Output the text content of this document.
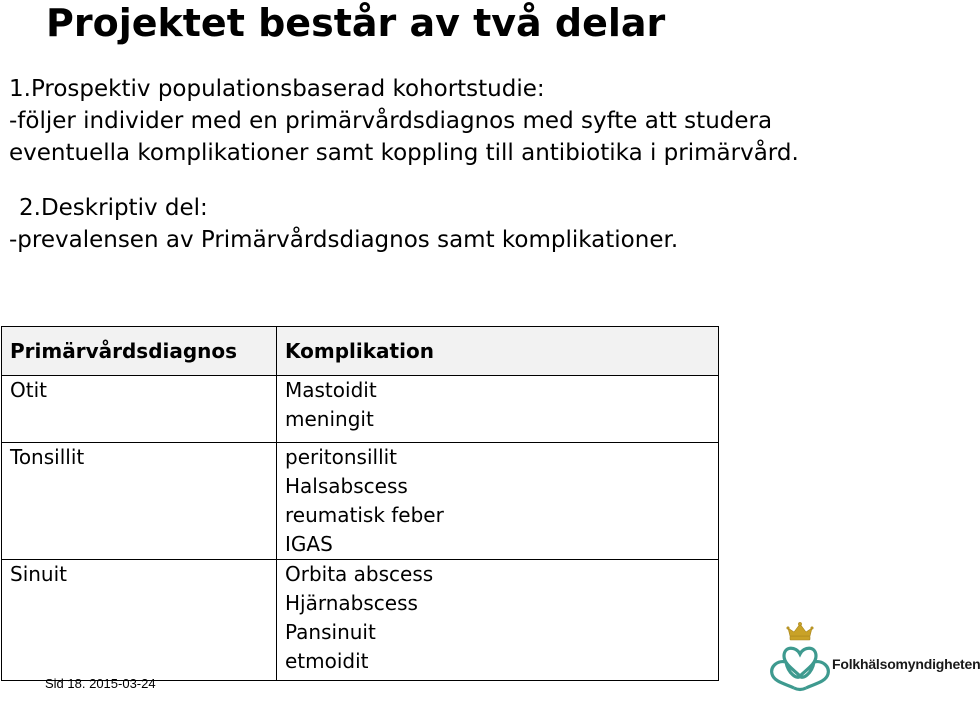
Projektet består av två delar
1.Prospektiv populationsbaserad kohortstudie:
-följer individer med en primärvårdsdiagnos med syfte att studera
eventuella komplikationer samt koppling till antibiotika i primärvård.
2.Deskriptiv del:
-prevalensen av Primärvårdsdiagnos samt komplikationer.
Primärvårdsdiagnos	Komplikation
Otit	Mastoidit
meningit

Tonsillit	peritonsillit
Halsabscess
reumatisk feber
IGAS

Sinuit	Orbita abscess
Hjärnabscess
Pansinuit
etmoidit
Sid 18. 2015-03-24
Folkhälsomyndigheten
